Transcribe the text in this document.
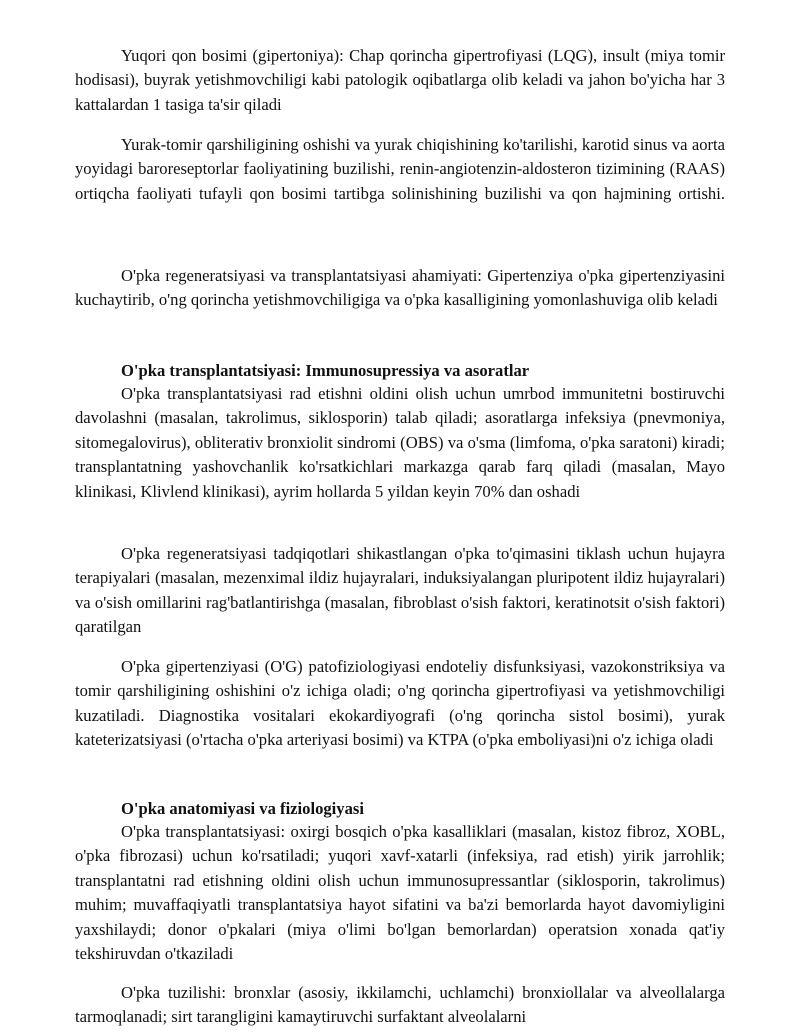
Yuqori qon bosimi (gipertoniya): Chap qorincha gipertrofiyasi (LQG), insult (miya tomir hodisasi), buyrak yetishmovchiligi kabi patologik oqibatlarga olib keladi va jahon bo'yicha har 3 kattalardan 1 tasiga ta'sir qiladi

Yurak-tomir qarshiligining oshishi va yurak chiqishining ko'tarilishi, karotid sinus va aorta yoyidagi baroreseptorlar faoliyatining buzilishi, renin-angiotenzin-aldosteron tizimining (RAAS) ortiqcha faoliyati tufayli qon bosimi tartibga solinishining buzilishi va qon hajmining ortishi.

O'pka regeneratsiyasi va transplantatsiyasi ahamiyati: Gipertenziya o'pka gipertenziyasini kuchaytirib, o'ng qorincha yetishmovchiligiga va o'pka kasalligining yomonlashuviga olib keladi

O'pka transplantatsiyasi: Immunosupressiya va asoratlar

O'pka transplantatsiyasi rad etishni oldini olish uchun umrbod immunitetni bostiruvchi davolashni (masalan, takrolimus, siklosporin) talab qiladi; asoratlarga infeksiya (pnevmoniya, sitomegalovirus), obliterativ bronxiolit sindromi (OBS) va o'sma (limfoma, o'pka saratoni) kiradi; transplantatning yashovchanlik ko'rsatkichlari markazga qarab farq qiladi (masalan, Mayo klinikasi, Klivlend klinikasi), ayrim hollarda 5 yildan keyin 70% dan oshadi

O'pka regeneratsiyasi tadqiqotlari shikastlangan o'pka to'qimasini tiklash uchun hujayra terapiyalari (masalan, mezenximal ildiz hujayralari, induksiyalangan pluripotent ildiz hujayralari) va o'sish omillarini rag'batlantirishga (masalan, fibroblast o'sish faktori, keratinotsit o'sish faktori) qaratilgan

O'pka gipertenziyasi (O'G) patofiziologiyasi endoteliy disfunksiyasi, vazokonstriksiya va tomir qarshiligining oshishini o'z ichiga oladi; o'ng qorincha gipertrofiyasi va yetishmovchiligi kuzatiladi. Diagnostika vositalari ekokardiyografi (o'ng qorincha sistol bosimi), yurak kateterizatsiyasi (o'rtacha o'pka arteriyasi bosimi) va KTPA (o'pka emboliyasi)ni o'z ichiga oladi

O'pka anatomiyasi va fiziologiyasi

O'pka transplantatsiyasi: oxirgi bosqich o'pka kasalliklari (masalan, kistoz fibroz, XOBL, o'pka fibrozasi) uchun ko'rsatiladi; yuqori xavf-xatarli (infeksiya, rad etish) yirik jarrohlik; transplantatni rad etishning oldini olish uchun immunosupressantlar (siklosporin, takrolimus) muhim; muvaffaqiyatli transplantatsiya hayot sifatini va ba'zi bemorlarda hayot davomiyligini yaxshilaydi; donor o'pkalari (miya o'limi bo'lgan bemorlardan) operatsion xonada qat'iy tekshiruvdan o'tkaziladi

O'pka tuzilishi: bronxlar (asosiy, ikkilamchi, uchlamchi) bronxiollalar va alveollalarga tarmoqlanadi; sirt tarangligini kamaytiruvchi surfaktant alveolalarni
